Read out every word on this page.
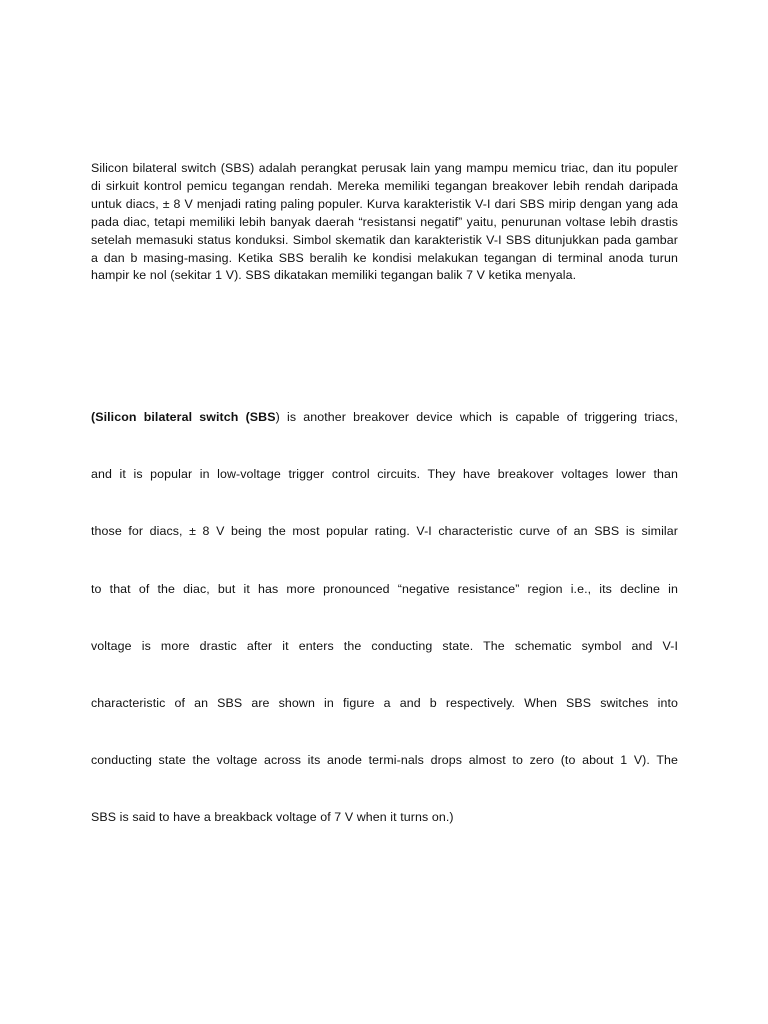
Silicon bilateral switch (SBS) adalah perangkat perusak lain yang mampu memicu triac, dan itu populer di sirkuit kontrol pemicu tegangan rendah. Mereka memiliki tegangan breakover lebih rendah daripada untuk diacs, ± 8 V menjadi rating paling populer. Kurva karakteristik V-I dari SBS mirip dengan yang ada pada diac, tetapi memiliki lebih banyak daerah “resistansi negatif” yaitu, penurunan voltase lebih drastis setelah memasuki status konduksi. Simbol skematik dan karakteristik V-I SBS ditunjukkan pada gambar a dan b masing-masing. Ketika SBS beralih ke kondisi melakukan tegangan di terminal anoda turun hampir ke nol (sekitar 1 V). SBS dikatakan memiliki tegangan balik 7 V ketika menyala.

(Silicon bilateral switch (SBS) is another breakover device which is capable of triggering triacs,
and it is popular in low-voltage trigger control circuits. They have breakover voltages lower than
those for diacs, ± 8 V being the most popular rating. V-I characteristic curve of an SBS is similar
to that of the diac, but it has more pronounced “negative resistance” region i.e., its decline in
voltage is more drastic after it enters the conducting state. The schematic symbol and V-I
characteristic of an SBS are shown in figure a and b respectively. When SBS switches into
conducting state the voltage across its anode termi-nals drops almost to zero (to about 1 V). The
SBS is said to have a breakback voltage of 7 V when it turns on.)
